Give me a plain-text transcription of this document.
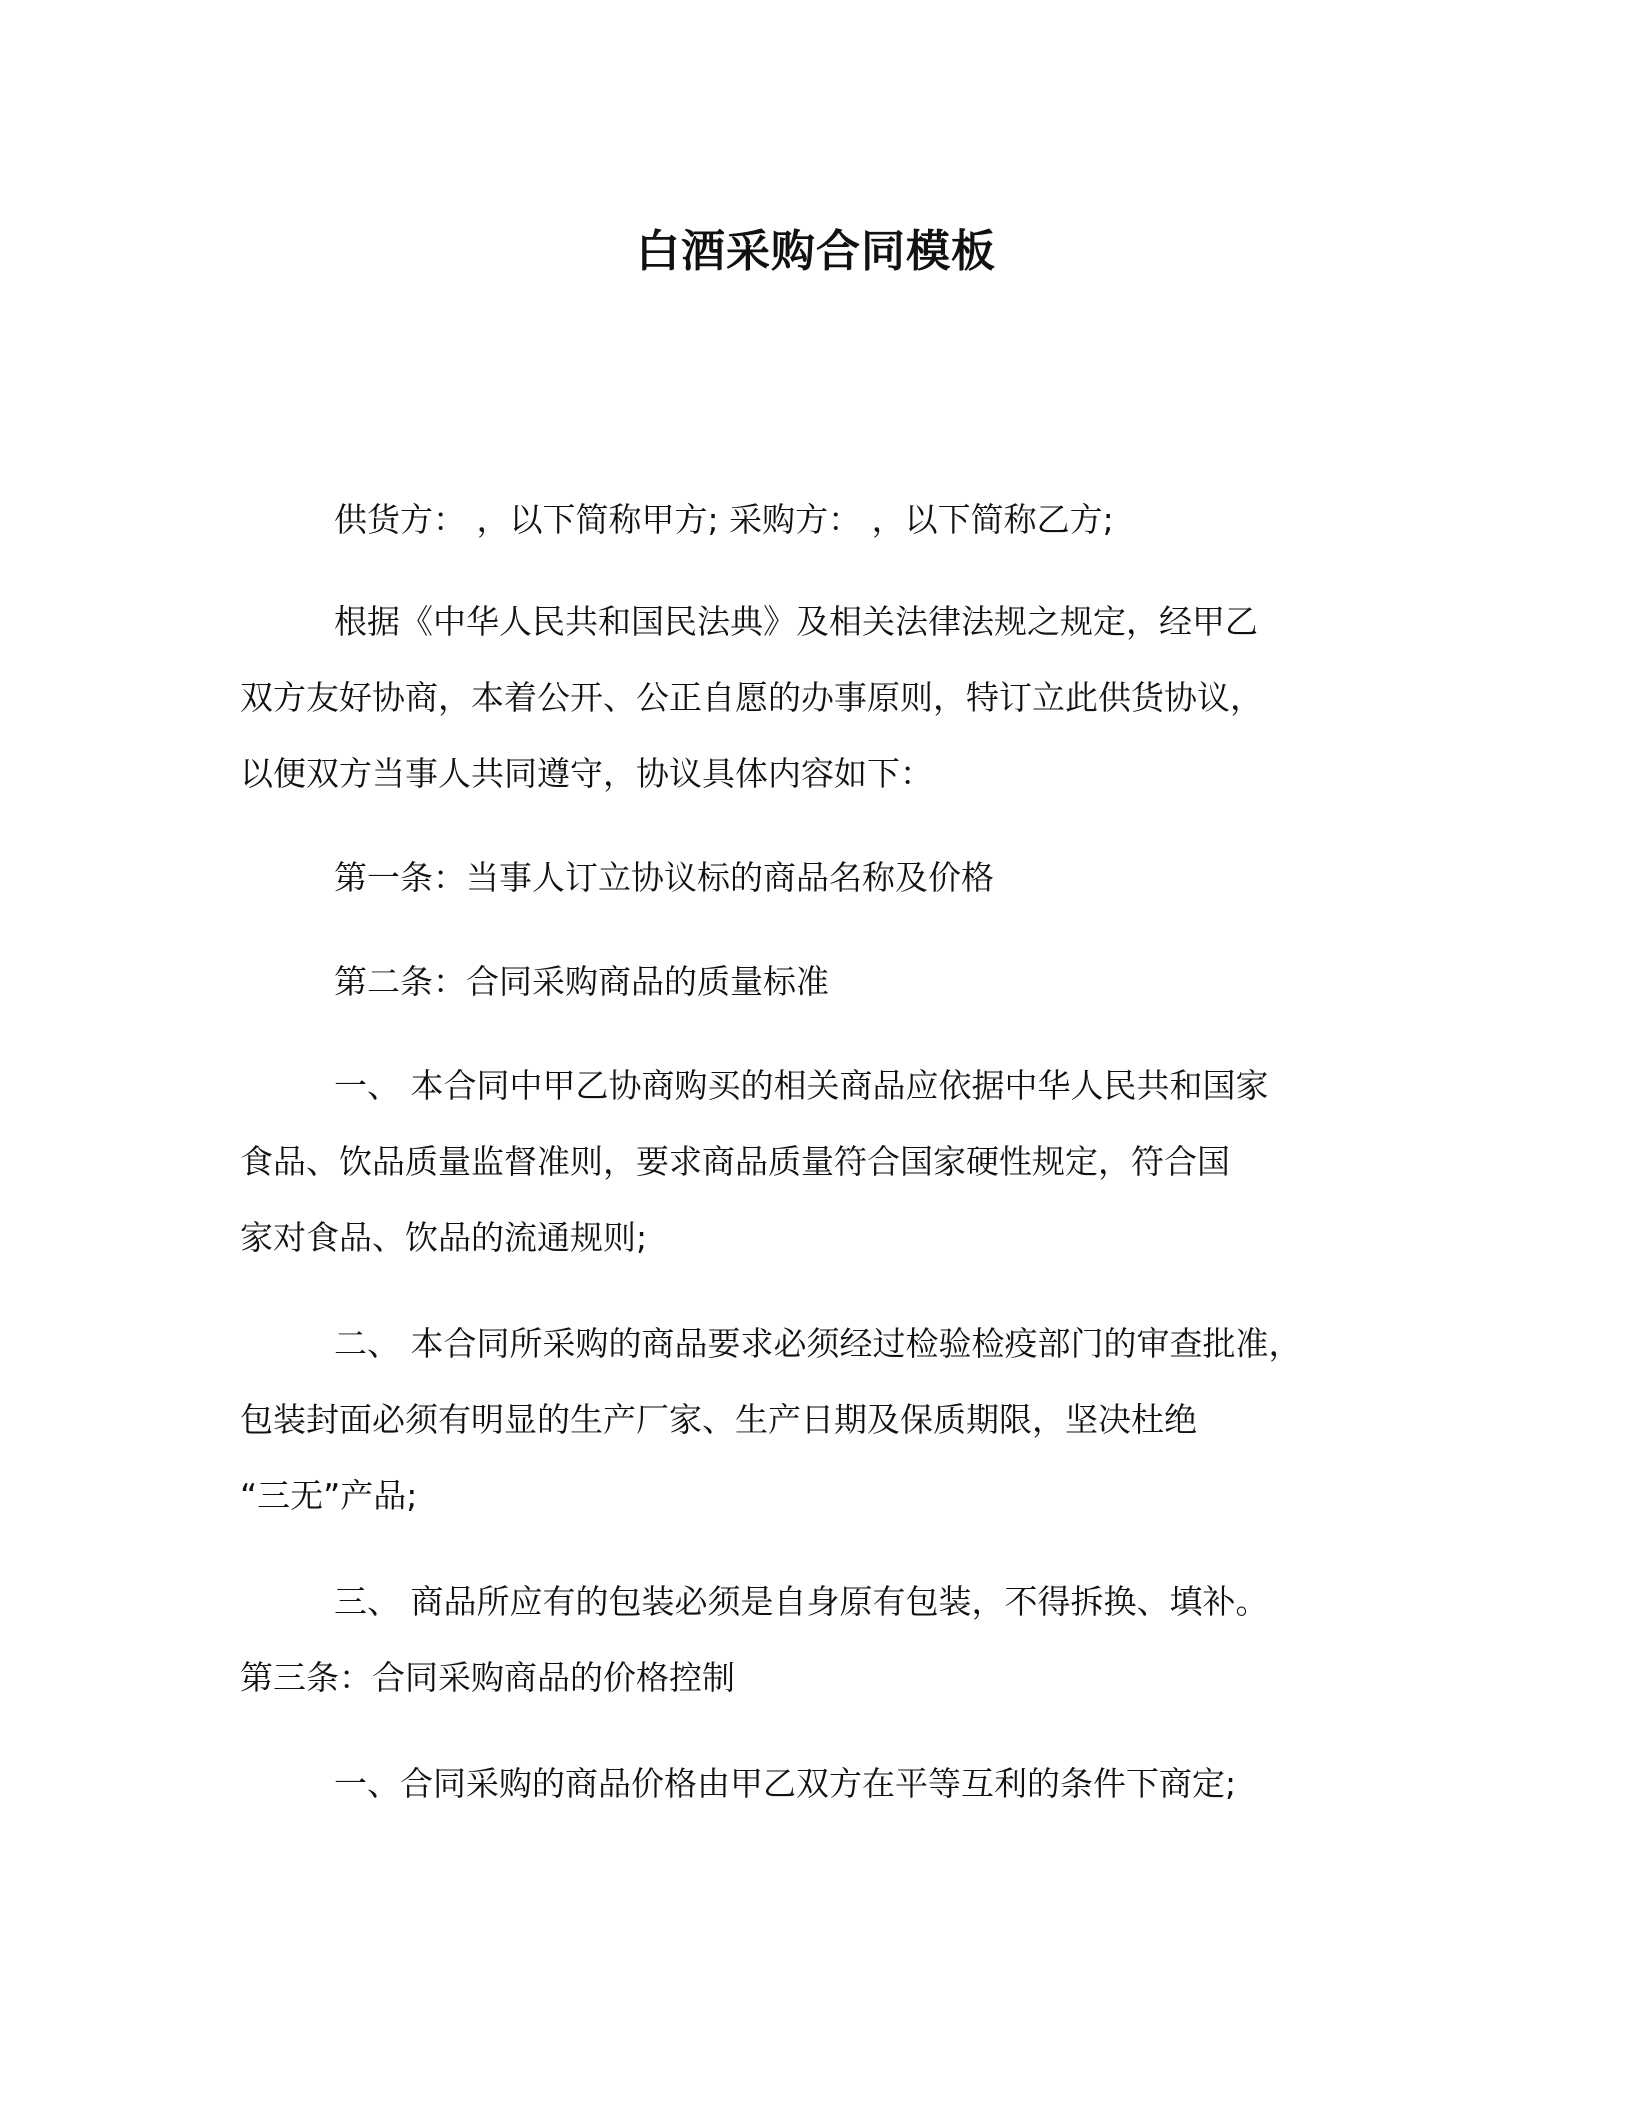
白酒采购合同模板
供货方： ，以下简称甲方; 采购方： ，以下简称乙方;
根据《中华人民共和国民法典》及相关法律法规之规定，经甲乙
双方友好协商，本着公开、公正自愿的办事原则，特订立此供货协议，
以便双方当事人共同遵守，协议具体内容如下：
第一条：当事人订立协议标的商品名称及价格
第二条：合同采购商品的质量标准
一、 本合同中甲乙协商购买的相关商品应依据中华人民共和国家
食品、饮品质量监督准则，要求商品质量符合国家硬性规定，符合国
家对食品、饮品的流通规则;
二、 本合同所采购的商品要求必须经过检验检疫部门的审查批准，
包装封面必须有明显的生产厂家、生产日期及保质期限，坚决杜绝
“三无”产品;
三、 商品所应有的包装必须是自身原有包装，不得拆换、填补。
第三条：合同采购商品的价格控制
一、合同采购的商品价格由甲乙双方在平等互利的条件下商定;
